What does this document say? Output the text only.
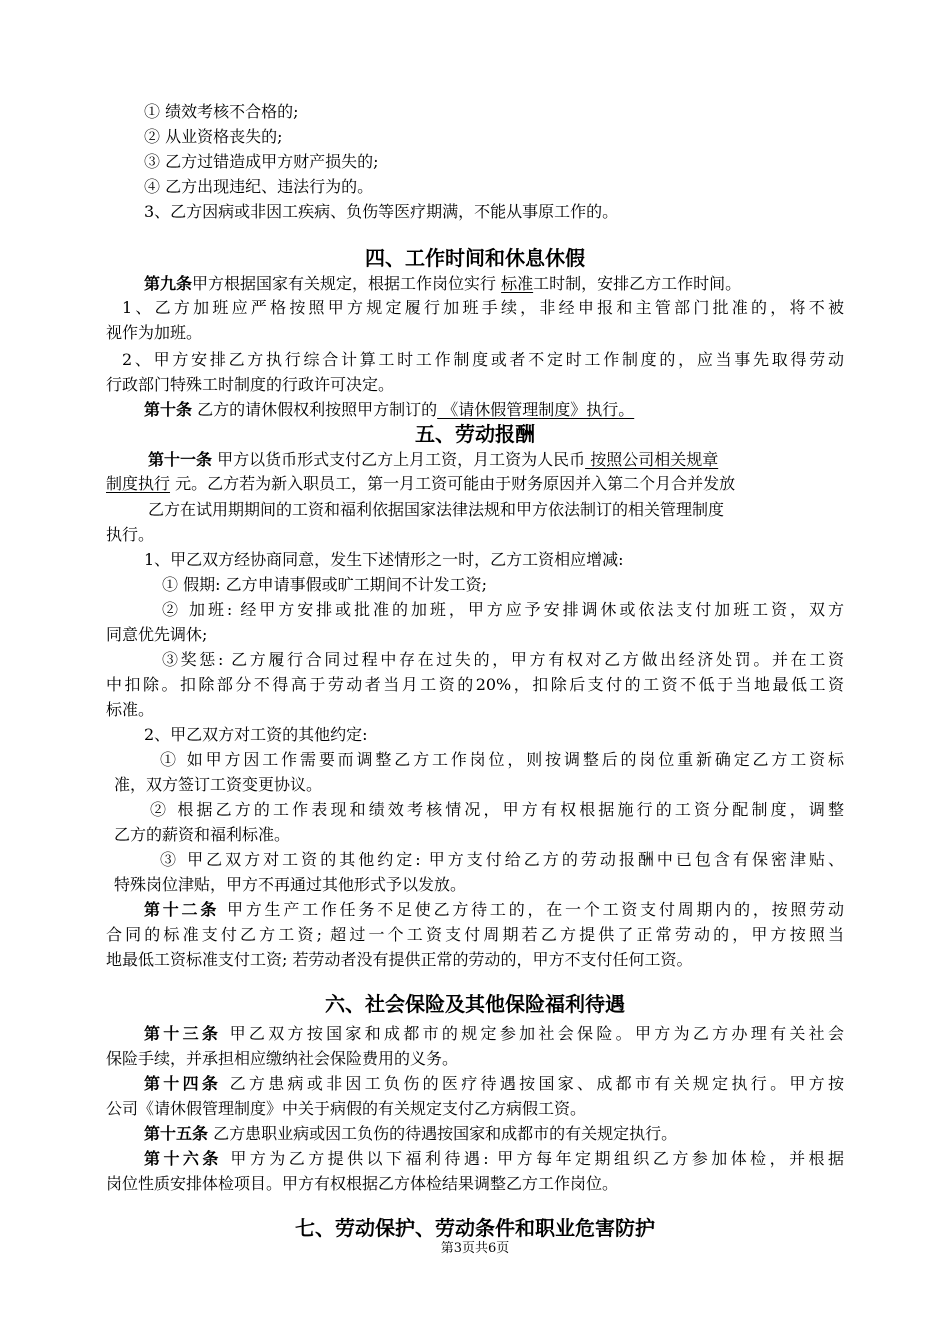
① 绩效考核不合格的;

② 从业资格丧失的;

③ 乙方过错造成甲方财产损失的;

④ 乙方出现违纪、违法行为的。

3、乙方因病或非因工疾病、负伤等医疗期满，不能从事原工作的。

四、工作时间和休息休假

第九条甲方根据国家有关规定，根据工作岗位实行 标准工时制，安排乙方工作时间。

1、乙方加班应严格按照甲方规定履行加班手续，非经申报和主管部门批准的，将不被

视作为加班。

2、甲方安排乙方执行综合计算工时工作制度或者不定时工作制度的，应当事先取得劳动

行政部门特殊工时制度的行政许可决定。

第十条 乙方的请休假权利按照甲方制订的 《请休假管理制度》执行。

五、劳动报酬

第十一条 甲方以货币形式支付乙方上月工资，月工资为人民币 按照公司相关规章

制度执行 元。乙方若为新入职员工，第一月工资可能由于财务原因并入第二个月合并发放

乙方在试用期期间的工资和福利依据国家法律法规和甲方依法制订的相关管理制度

执行。

1、甲乙双方经协商同意，发生下述情形之一时，乙方工资相应增减:

① 假期: 乙方申请事假或旷工期间不计发工资;

② 加班: 经甲方安排或批准的加班，甲方应予安排调休或依法支付加班工资，双方

同意优先调休;

③奖惩: 乙方履行合同过程中存在过失的，甲方有权对乙方做出经济处罚。并在工资

中扣除。扣除部分不得高于劳动者当月工资的20%，扣除后支付的工资不低于当地最低工资

标准。

2、甲乙双方对工资的其他约定:

① 如甲方因工作需要而调整乙方工作岗位，则按调整后的岗位重新确定乙方工资标

准，双方签订工资变更协议。

② 根据乙方的工作表现和绩效考核情况，甲方有权根据施行的工资分配制度，调整

乙方的薪资和福利标准。

③ 甲乙双方对工资的其他约定: 甲方支付给乙方的劳动报酬中已包含有保密津贴、

特殊岗位津贴，甲方不再通过其他形式予以发放。

第十二条 甲方生产工作任务不足使乙方待工的，在一个工资支付周期内的，按照劳动

合同的标准支付乙方工资; 超过一个工资支付周期若乙方提供了正常劳动的，甲方按照当

地最低工资标准支付工资; 若劳动者没有提供正常的劳动的，甲方不支付任何工资。

六、社会保险及其他保险福利待遇

第十三条 甲乙双方按国家和成都市的规定参加社会保险。甲方为乙方办理有关社会

保险手续，并承担相应缴纳社会保险费用的义务。

第十四条 乙方患病或非因工负伤的医疗待遇按国家、成都市有关规定执行。甲方按

公司《请休假管理制度》中关于病假的有关规定支付乙方病假工资。

第十五条 乙方患职业病或因工负伤的待遇按国家和成都市的有关规定执行。

第十六条 甲方为乙方提供以下福利待遇: 甲方每年定期组织乙方参加体检，并根据

岗位性质安排体检项目。甲方有权根据乙方体检结果调整乙方工作岗位。

七、劳动保护、劳动条件和职业危害防护
第3页共6页
